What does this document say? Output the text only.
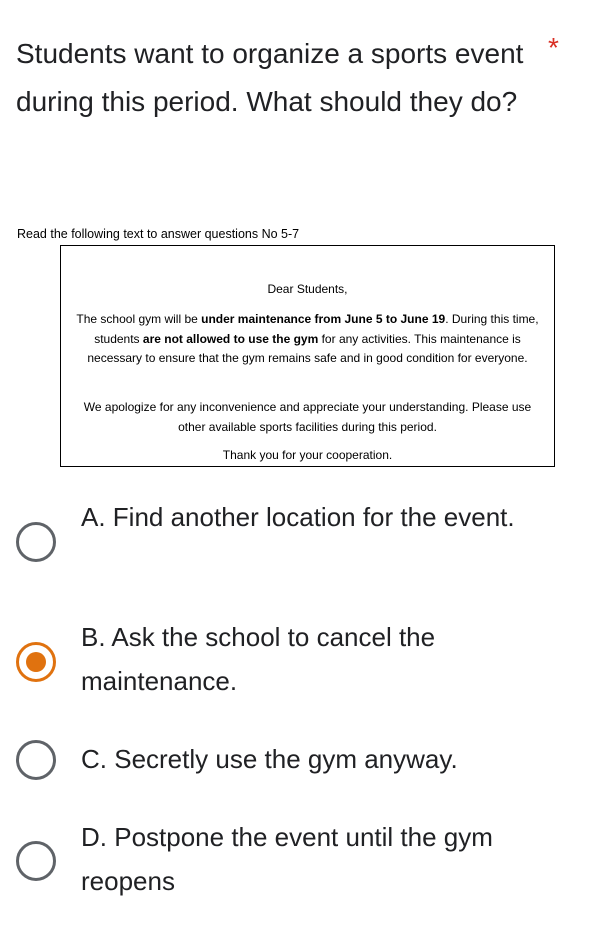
Students want to organize a sports event during this period. What should they do?
*
Read the following text to answer questions No 5-7
Dear Students,
The school gym will be under maintenance from June 5 to June 19. During this time, students are not allowed to use the gym for any activities. This maintenance is necessary to ensure that the gym remains safe and in good condition for everyone.
We apologize for any inconvenience and appreciate your understanding. Please use other available sports facilities during this period.
Thank you for your cooperation.
A. Find another location for the event.
B. Ask the school to cancel the maintenance.
C. Secretly use the gym anyway.
D. Postpone the event until the gym reopens
